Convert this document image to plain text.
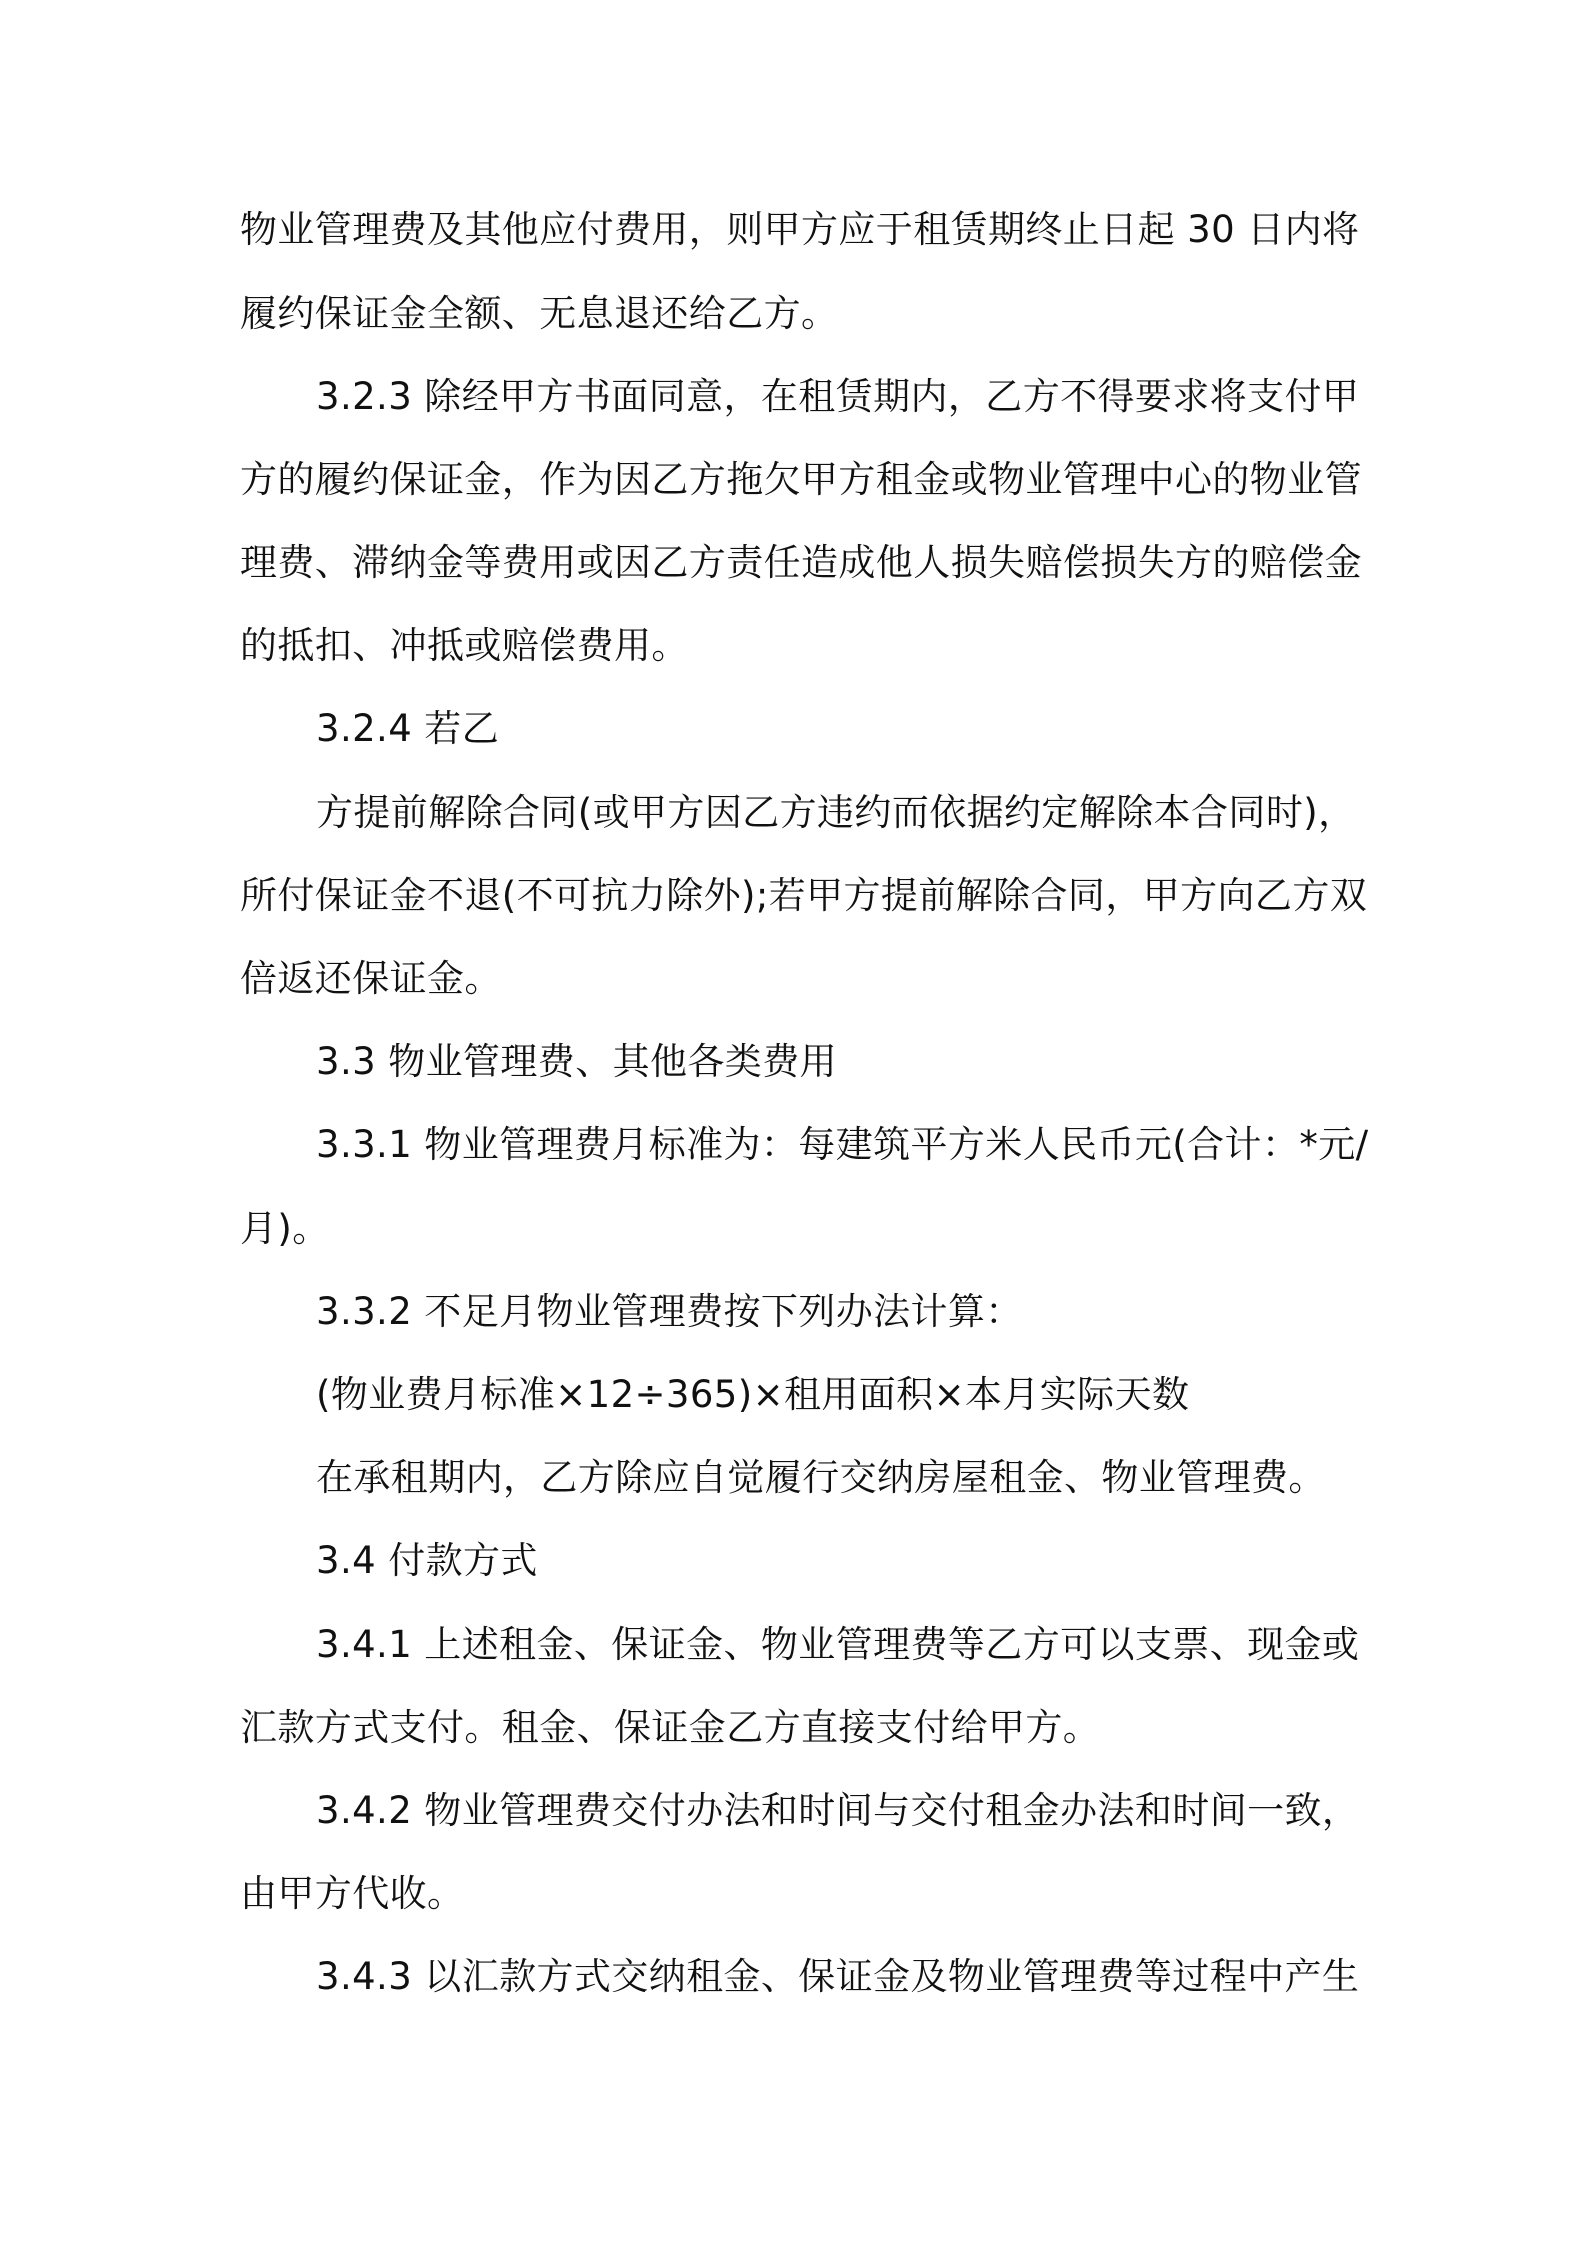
物业管理费及其他应付费用，则甲方应于租赁期终止日起 30 日内将
履约保证金全额、无息退还给乙方。
3.2.3 除经甲方书面同意，在租赁期内，乙方不得要求将支付甲
方的履约保证金，作为因乙方拖欠甲方租金或物业管理中心的物业管
理费、滞纳金等费用或因乙方责任造成他人损失赔偿损失方的赔偿金
的抵扣、冲抵或赔偿费用。
3.2.4 若乙
方提前解除合同(或甲方因乙方违约而依据约定解除本合同时)，
所付保证金不退(不可抗力除外);若甲方提前解除合同，甲方向乙方双
倍返还保证金。
3.3 物业管理费、其他各类费用
3.3.1 物业管理费月标准为：每建筑平方米人民币元(合计：*元/
月)。
3.3.2 不足月物业管理费按下列办法计算：
(物业费月标准×12÷365)×租用面积×本月实际天数
在承租期内，乙方除应自觉履行交纳房屋租金、物业管理费。
3.4 付款方式
3.4.1 上述租金、保证金、物业管理费等乙方可以支票、现金或
汇款方式支付。租金、保证金乙方直接支付给甲方。
3.4.2 物业管理费交付办法和时间与交付租金办法和时间一致，
由甲方代收。
3.4.3 以汇款方式交纳租金、保证金及物业管理费等过程中产生
